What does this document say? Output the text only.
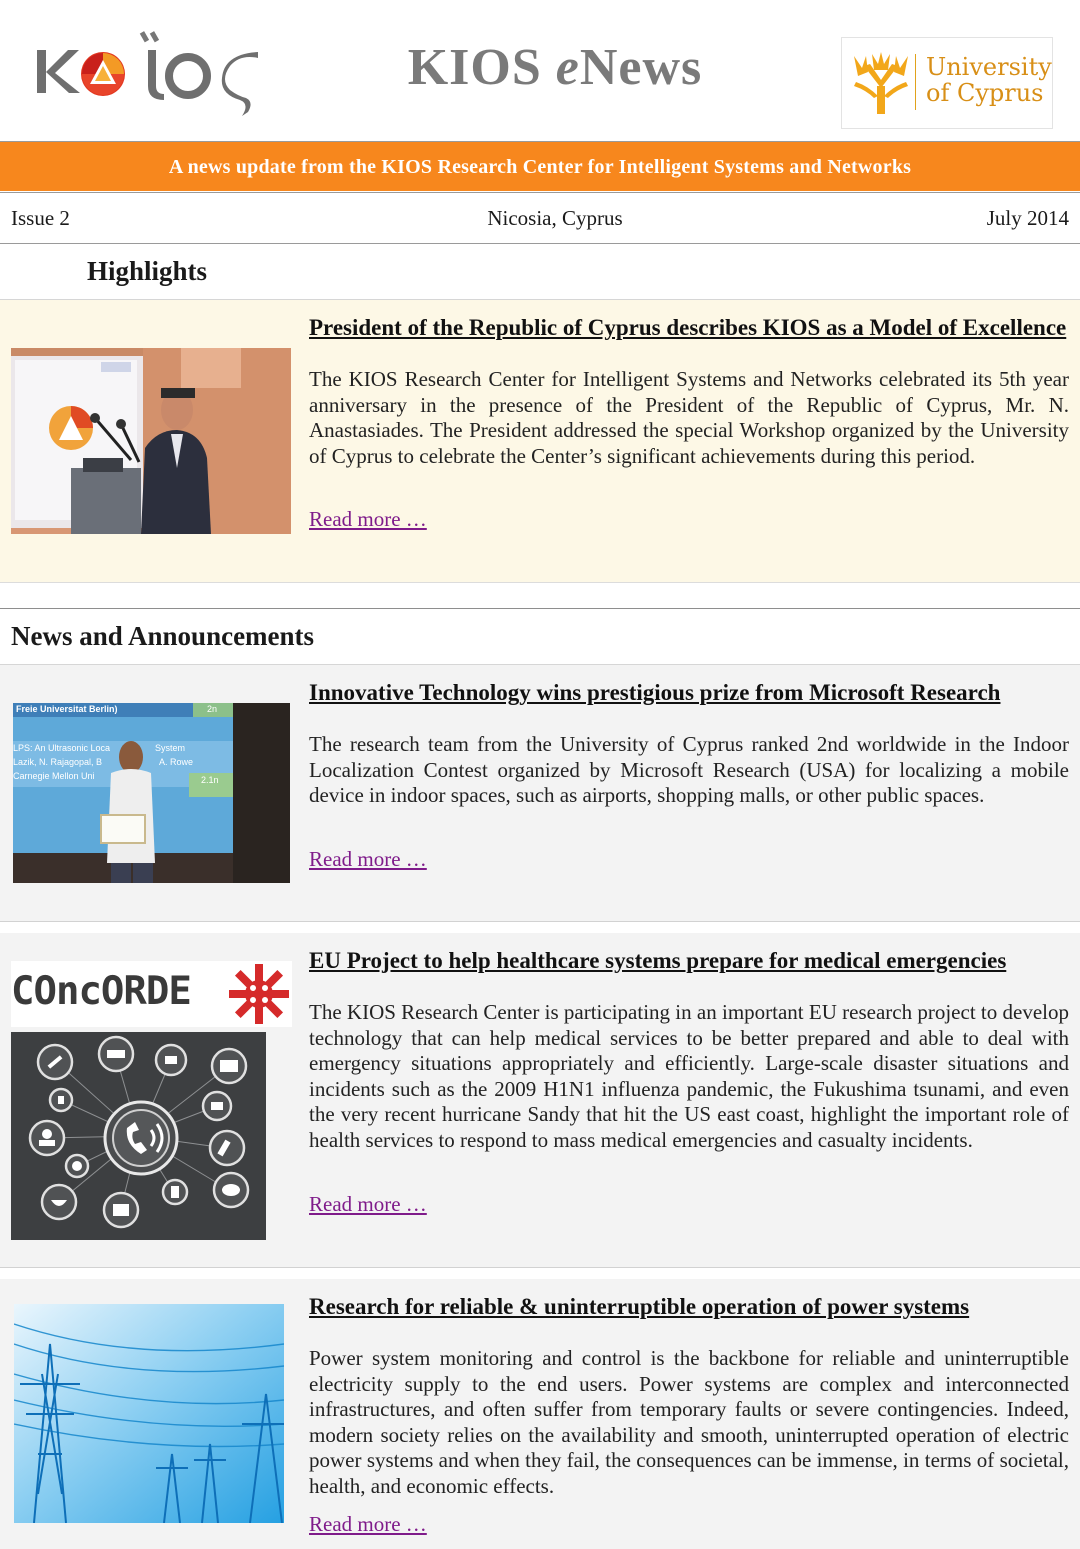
KIOS eNews	University
of Cyprus
A news update from the KIOS Research Center for Intelligent Systems and Networks
Issue 2	Nicosia, Cyprus	July 2014
Highlights
President of the Republic of Cyprus describes KIOS as a Model of Excellence
The KIOS Research Center for Intelligent Systems and Networks celebrated its 5th year anniversary in the presence of the President of the Republic of Cyprus, Mr. N. Anastasiades. The President addressed the special Workshop organized by the University of Cyprus to celebrate the Center’s significant achievements during this period.
Read more …
News and Announcements
Freie Universitat Berlin)	2n
LPS: An Ultrasonic Loca	System
Lazik, N. Rajagopal, B	A. Rowe
Carnegie Mellon Uni	2.1n
Innovative Technology wins prestigious prize from Microsoft Research
The research team from the University of Cyprus ranked 2nd worldwide in the Indoor Localization Contest organized by Microsoft Research (USA) for localizing a mobile device in indoor spaces, such as airports, shopping malls, or other public spaces.
Read more …
COncORDE
EU Project to help healthcare systems prepare for medical emergencies
The KIOS Research Center is participating in an important EU research project to develop technology that can help medical services to be better prepared and able to deal with emergency situations appropriately and efficiently. Large-scale disaster situations and incidents such as the 2009 H1N1 influenza pandemic, the Fukushima tsunami, and even the very recent hurricane Sandy that hit the US east coast, highlight the important role of health services to respond to mass medical emergencies and casualty incidents.
Read more …
Research for reliable & uninterruptible operation of power systems
Power system monitoring and control is the backbone for reliable and uninterruptible electricity supply to the end users. Power systems are complex and interconnected infrastructures, and often suffer from temporary faults or severe contingencies. Indeed, modern society relies on the availability and smooth, uninterrupted operation of electric power systems and when they fail, the consequences can be immense, in terms of societal, health, and economic effects.
Read more …
